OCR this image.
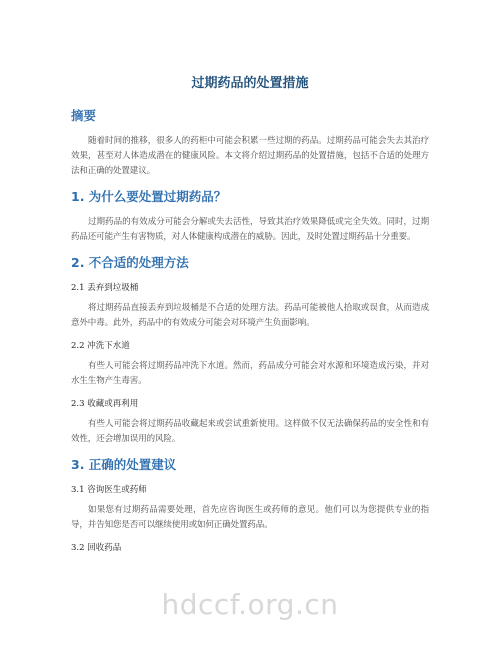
过期药品的处置措施
摘要

随着时间的推移，很多人的药柜中可能会积累一些过期的药品。过期药品可能会失去其治疗效果，甚至对人体造成潜在的健康风险。本文将介绍过期药品的处置措施，包括不合适的处理方法和正确的处置建议。

1. 为什么要处置过期药品？

过期药品的有效成分可能会分解或失去活性，导致其治疗效果降低或完全失效。同时，过期药品还可能产生有害物质，对人体健康构成潜在的威胁。因此，及时处置过期药品十分重要。

2. 不合适的处理方法
2.1 丢弃到垃圾桶

将过期药品直接丢弃到垃圾桶是不合适的处理方法。药品可能被他人拾取或误食，从而造成意外中毒。此外，药品中的有效成分可能会对环境产生负面影响。

2.2 冲洗下水道

有些人可能会将过期药品冲洗下水道。然而，药品成分可能会对水源和环境造成污染，并对水生生物产生毒害。

2.3 收藏或再利用

有些人可能会将过期药品收藏起来或尝试重新使用。这样做不仅无法确保药品的安全性和有效性，还会增加误用的风险。

3. 正确的处置建议
3.1 咨询医生或药师

如果您有过期药品需要处理，首先应咨询医生或药师的意见。他们可以为您提供专业的指导，并告知您是否可以继续使用或如何正确处置药品。

3.2 回收药品
hdccf.org.cn
